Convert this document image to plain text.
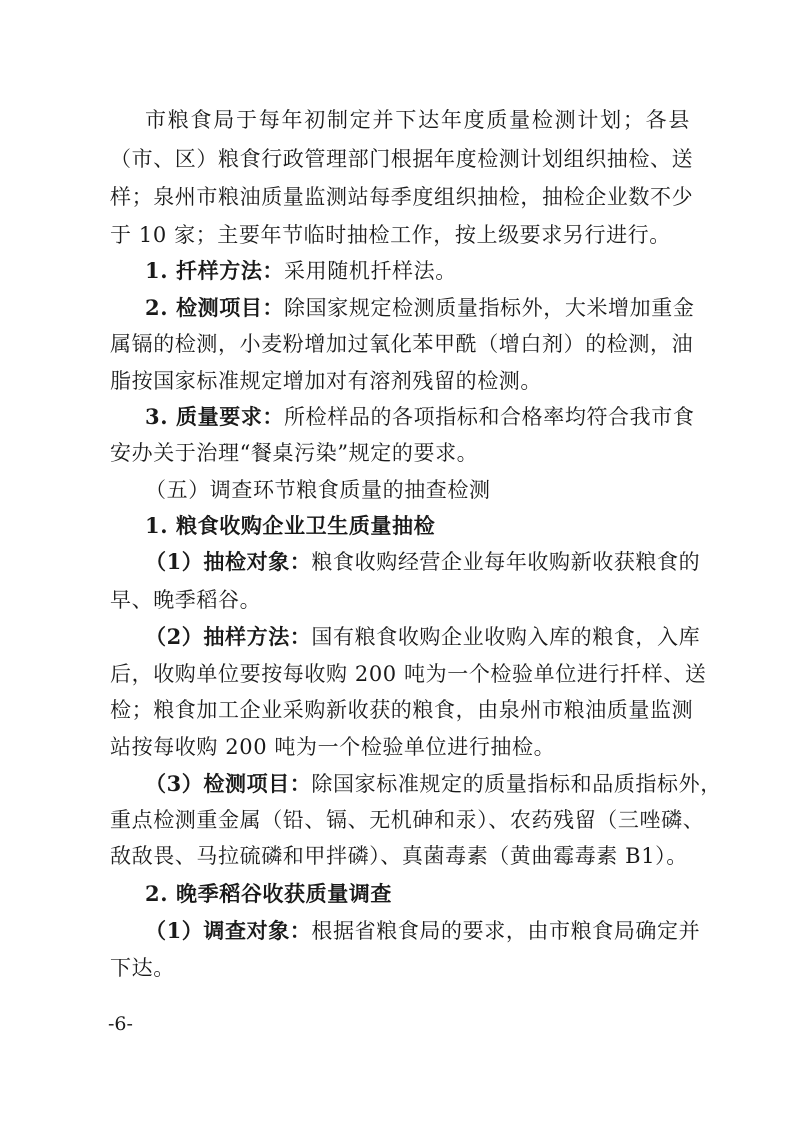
市粮食局于每年初制定并下达年度质量检测计划；各县
（市、区）粮食行政管理部门根据年度检测计划组织抽检、送
样；泉州市粮油质量监测站每季度组织抽检，抽检企业数不少
于 10 家；主要年节临时抽检工作，按上级要求另行进行。
1. 扦样方法：采用随机扦样法。
2. 检测项目：除国家规定检测质量指标外，大米增加重金
属镉的检测，小麦粉增加过氧化苯甲酰（增白剂）的检测，油
脂按国家标准规定增加对有溶剂残留的检测。
3. 质量要求：所检样品的各项指标和合格率均符合我市食
安办关于治理“餐桌污染”规定的要求。
（五）调查环节粮食质量的抽查检测
1. 粮食收购企业卫生质量抽检
（1）抽检对象：粮食收购经营企业每年收购新收获粮食的
早、晚季稻谷。
（2）抽样方法：国有粮食收购企业收购入库的粮食，入库
后，收购单位要按每收购 200 吨为一个检验单位进行扦样、送
检；粮食加工企业采购新收获的粮食，由泉州市粮油质量监测
站按每收购 200 吨为一个检验单位进行抽检。
（3）检测项目：除国家标准规定的质量指标和品质指标外，
重点检测重金属（铅、镉、无机砷和汞）、农药残留（三唑磷、
敌敌畏、马拉硫磷和甲拌磷）、真菌毒素（黄曲霉毒素 B1）。
2. 晚季稻谷收获质量调查
（1）调查对象：根据省粮食局的要求，由市粮食局确定并
下达。
-6-
